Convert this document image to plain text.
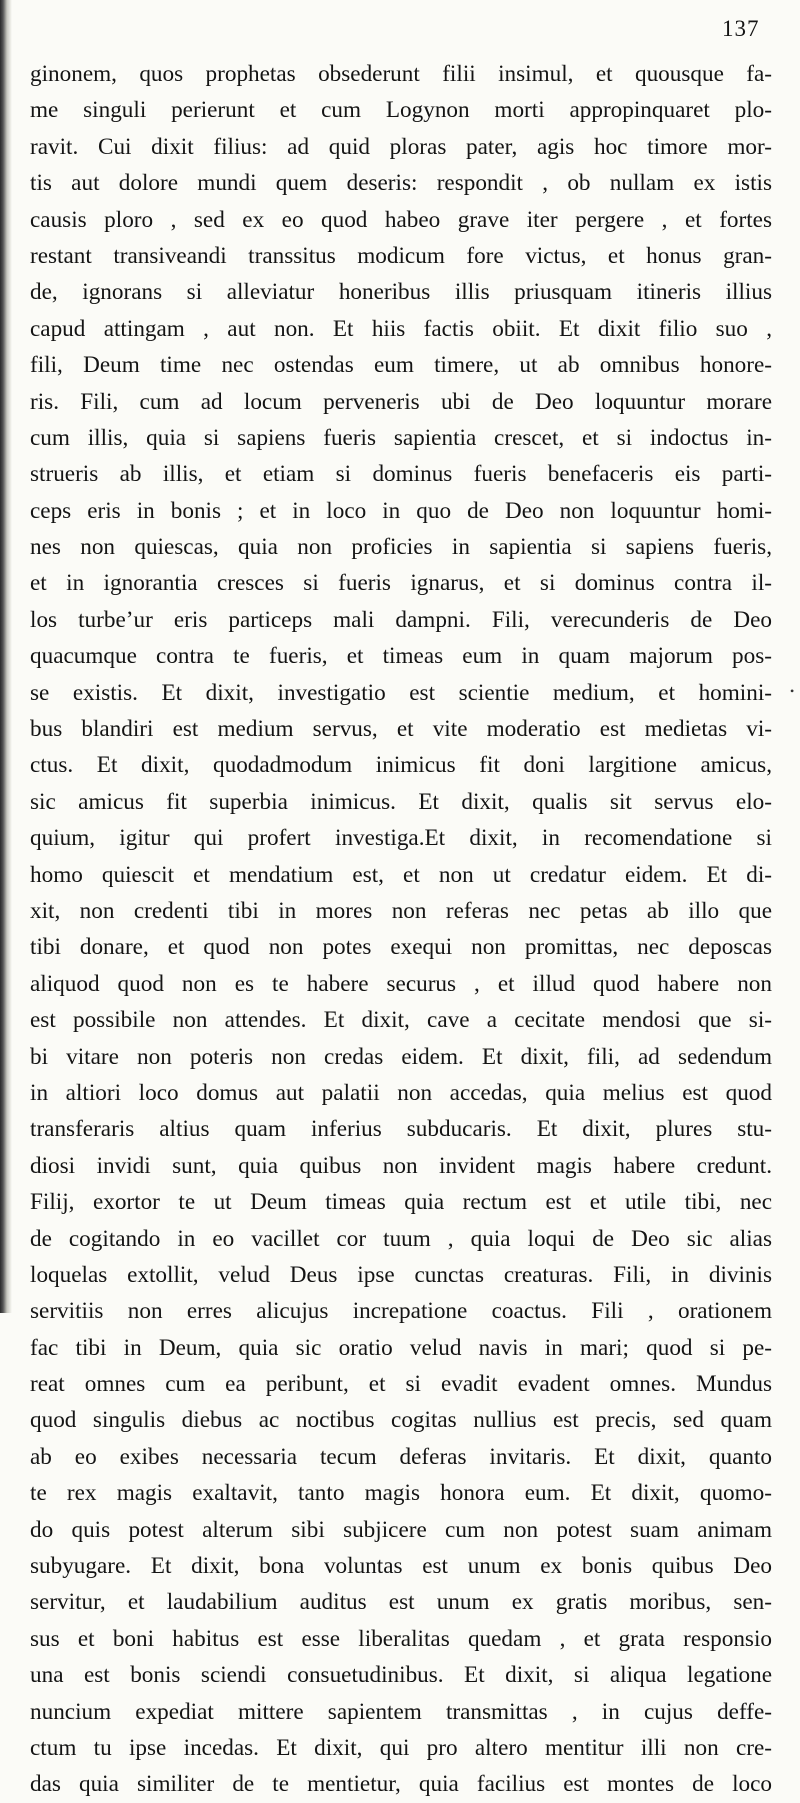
137
ginonem, quos prophetas obsederunt filii insimul, et quousque fa-
me singuli perierunt et cum Logynon morti appropinquaret plo-
ravit. Cui dixit filius: ad quid ploras pater, agis hoc timore mor-
tis aut dolore mundi quem deseris: respondit , ob nullam ex istis
causis ploro , sed ex eo quod habeo grave iter pergere , et fortes
restant transiveandi transsitus modicum fore victus, et honus gran-
de, ignorans si alleviatur honeribus illis priusquam itineris illius
capud attingam , aut non. Et hiis factis obiit. Et dixit filio suo ,
fili, Deum time nec ostendas eum timere, ut ab omnibus honore-
ris. Fili, cum ad locum perveneris ubi de Deo loquuntur morare
cum illis, quia si sapiens fueris sapientia crescet, et si indoctus in-
strueris ab illis, et etiam si dominus fueris benefaceris eis parti-
ceps eris in bonis ; et in loco in quo de Deo non loquuntur homi-
nes non quiescas, quia non proficies in sapientia si sapiens fueris,
et in ignorantia cresces si fueris ignarus, et si dominus contra il-
los turbe’ur eris particeps mali dampni. Fili, verecunderis de Deo
quacumque contra te fueris, et timeas eum in quam majorum pos-
se existis. Et dixit, investigatio est scientie medium, et homini-
bus blandiri est medium servus, et vite moderatio est medietas vi-
ctus. Et dixit, quodadmodum inimicus fit doni largitione amicus,
sic amicus fit superbia inimicus. Et dixit, qualis sit servus elo-
quium, igitur qui profert investiga.Et dixit, in recomendatione si
homo quiescit et mendatium est, et non ut credatur eidem. Et di-
xit, non credenti tibi in mores non referas nec petas ab illo que
tibi donare, et quod non potes exequi non promittas, nec deposcas
aliquod quod non es te habere securus , et illud quod habere non
est possibile non attendes. Et dixit, cave a cecitate mendosi que si-
bi vitare non poteris non credas eidem. Et dixit, fili, ad sedendum
in altiori loco domus aut palatii non accedas, quia melius est quod
transferaris altius quam inferius subducaris. Et dixit, plures stu-
diosi invidi sunt, quia quibus non invident magis habere credunt.
Filij, exortor te ut Deum timeas quia rectum est et utile tibi, nec
de cogitando in eo vacillet cor tuum , quia loqui de Deo sic alias
loquelas extollit, velud Deus ipse cunctas creaturas. Fili, in divinis
servitiis non erres alicujus increpatione coactus. Fili , orationem
fac tibi in Deum, quia sic oratio velud navis in mari; quod si pe-
reat omnes cum ea peribunt, et si evadit evadent omnes. Mundus
quod singulis diebus ac noctibus cogitas nullius est precis, sed quam
ab eo exibes necessaria tecum deferas invitaris. Et dixit, quanto
te rex magis exaltavit, tanto magis honora eum. Et dixit, quomo-
do quis potest alterum sibi subjicere cum non potest suam animam
subyugare. Et dixit, bona voluntas est unum ex bonis quibus Deo
servitur, et laudabilium auditus est unum ex gratis moribus, sen-
sus et boni habitus est esse liberalitas quedam , et grata responsio
una est bonis sciendi consuetudinibus. Et dixit, si aliqua legatione
nuncium expediat mittere sapientem transmittas , in cujus deffe-
ctum tu ipse incedas. Et dixit, qui pro altero mentitur illi non cre-
das quia similiter de te mentietur, quia facilius est montes de loco
•
